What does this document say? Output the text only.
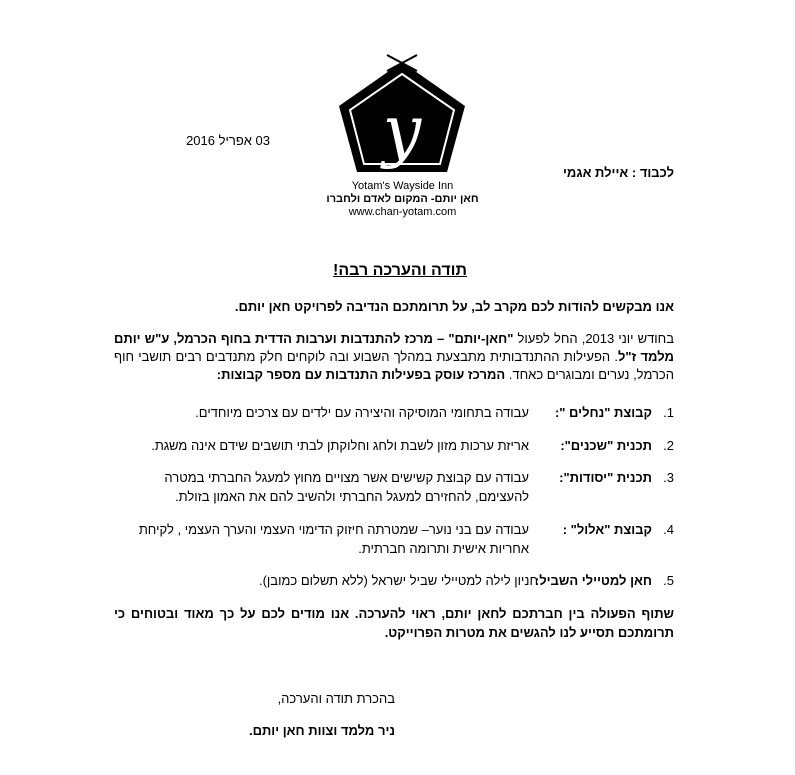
y
Yotam's Wayside Inn
חאן יותם- המקום לאדם ולחברו
www.chan-yotam.com
03 אפריל 2016
לכבוד : איילת אגמי
תודה והערכה רבה!
אנו מבקשים להודות לכם מקרב לב, על תרומתכם הנדיבה לפרויקט חאן יותם.
בחודש יוני 2013, החל לפעול "חאן-יותם" – מרכז להתנדבות וערבות הדדית בחוף הכרמל, ע"ש יותם מלמד ז"ל. הפעילות ההתנדבותית מתבצעת במהלך השבוע ובה לוקחים חלק מתנדבים רבים תושבי חוף הכרמל, נערים ומבוגרים כאחד. המרכז עוסק בפעילות התנדבות עם מספר קבוצות:
1.
קבוצת "נחלים ":
עבודה בתחומי המוסיקה והיצירה עם ילדים עם צרכים מיוחדים.
2.
תכנית "שכנים":
אריזת ערכות מזון לשבת ולחג וחלוקתן לבתי תושבים שידם אינה משגת.
3.
תכנית "יסודות":
עבודה עם קבוצת קשישים אשר מצויים מחוץ למעגל החברתי במטרה להעצימם, להחזירם למעגל החברתי ולהשיב להם את האמון בזולת.
4.
קבוצת "אלול" :
עבודה עם בני נוער– שמטרתה חיזוק הדימוי העצמי והערך העצמי , לקיחת אחריות אישית ותרומה חברתית.
5.
חאן למטיילי השביל:
חניון לילה למטיילי שביל ישראל (ללא תשלום כמובן).
שתוף הפעולה בין חברתכם לחאן יותם, ראוי להערכה. אנו מודים לכם על כך מאוד ובטוחים כי תרומתכם תסייע לנו להגשים את מטרות הפרוייקט.
בהכרת תודה והערכה,
ניר מלמד וצוות חאן יותם.
